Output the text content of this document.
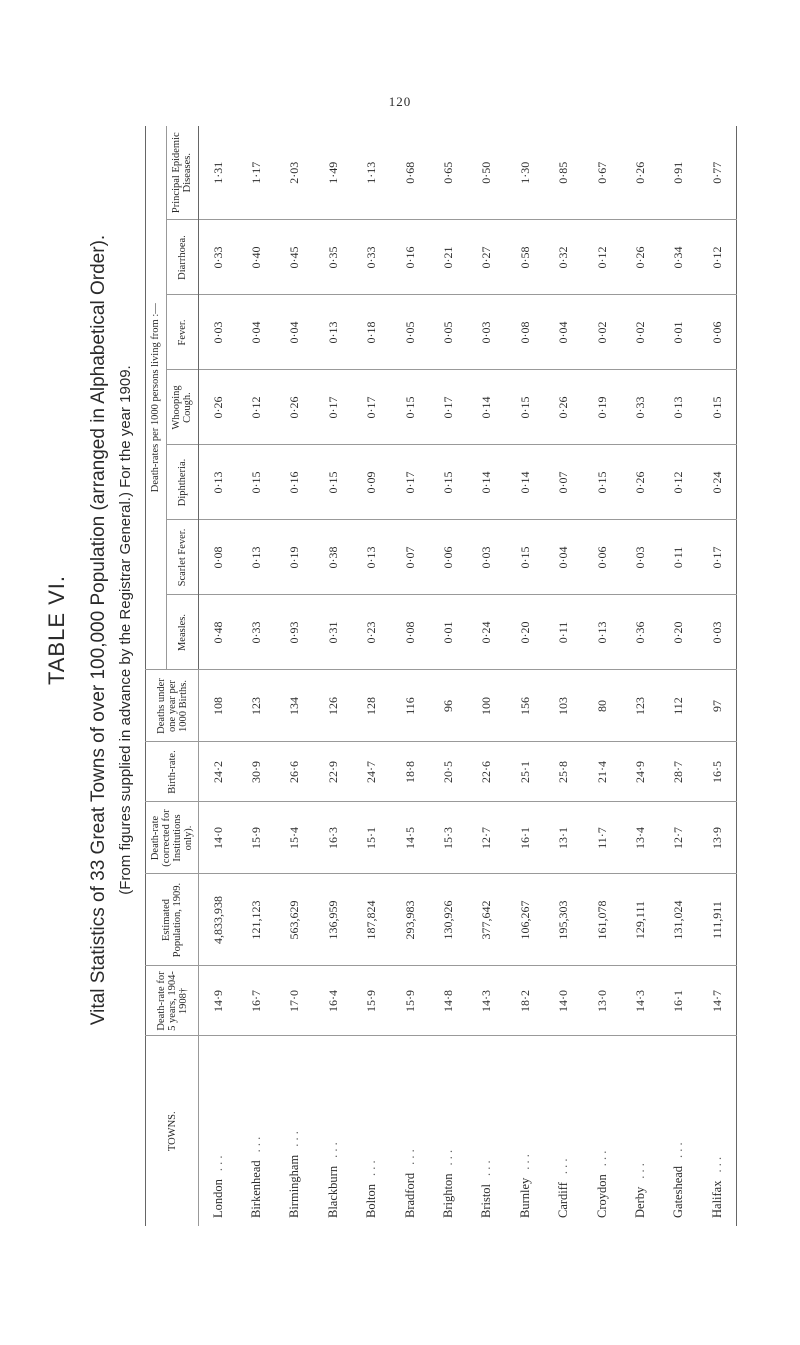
120
TABLE VI. Vital Statistics of 33 Great Towns of over 100,000 Population (arranged in Alphabetical Order). (From figures supplied in advance by the Registrar General.) For the year 1909.
TOWNS.	Death-rate for 5 years, 1904-1908†	Estimated Population, 1909.	Death-rate (corrected for Institutions only).	Birth-rate.	Deaths under one year per 1000 Births.	Death-rates per 1000 persons living from :—						
						Measles.	Scarlet Fever.	Diphtheria.	Whooping Cough.	Fever.	Diarrhoea.	Principal Epidemic Diseases.
London. . .	14·9	4,833,938	14·0	24·2	108	0·48	0·08	0·13	0·26	0·03	0·33	1·31
Birkenhead. . .	16·7	121,123	15·9	30·9	123	0·33	0·13	0·15	0·12	0·04	0·40	1·17
Birmingham. . .	17·0	563,629	15·4	26·6	134	0·93	0·19	0·16	0·26	0·04	0·45	2·03
Blackburn. . .	16·4	136,959	16·3	22·9	126	0·31	0·38	0·15	0·17	0·13	0·35	1·49
Bolton. . .	15·9	187,824	15·1	24·7	128	0·23	0·13	0·09	0·17	0·18	0·33	1·13
Bradford. . .	15·9	293,983	14·5	18·8	116	0·08	0·07	0·17	0·15	0·05	0·16	0·68
Brighton. . .	14·8	130,926	15·3	20·5	96	0·01	0·06	0·15	0·17	0·05	0·21	0·65
Bristol. . .	14·3	377,642	12·7	22·6	100	0·24	0·03	0·14	0·14	0·03	0·27	0·50
Burnley. . .	18·2	106,267	16·1	25·1	156	0·20	0·15	0·14	0·15	0·08	0·58	1·30
Cardiff. . .	14·0	195,303	13·1	25·8	103	0·11	0·04	0·07	0·26	0·04	0·32	0·85
Croydon. . .	13·0	161,078	11·7	21·4	80	0·13	0·06	0·15	0·19	0·02	0·12	0·67
Derby. . .	14·3	129,111	13·4	24·9	123	0·36	0·03	0·26	0·33	0·02	0·26	0·26
Gateshead. . .	16·1	131,024	12·7	28·7	112	0·20	0·11	0·12	0·13	0·01	0·34	0·91
Halifax. . .	14·7	111,911	13·9	16·5	97	0·03	0·17	0·24	0·15	0·06	0·12	0·77
